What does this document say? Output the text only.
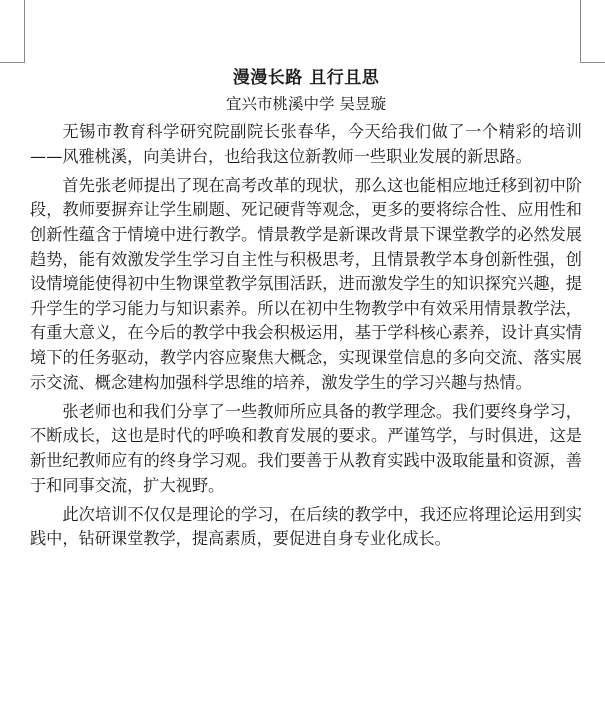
漫漫长路 且行且思
宜兴市桃溪中学 吴昱璇

无锡市教育科学研究院副院长张春华，今天给我们做了一个精彩的培训——风雅桃溪，向美讲台，也给我这位新教师一些职业发展的新思路。

首先张老师提出了现在高考改革的现状，那么这也能相应地迁移到初中阶段，教师要摒弃让学生刷题、死记硬背等观念，更多的要将综合性、应用性和创新性蕴含于情境中进行教学。情景教学是新课改背景下课堂教学的必然发展趋势，能有效激发学生学习自主性与积极思考，且情景教学本身创新性强，创设情境能使得初中生物课堂教学氛围活跃，进而激发学生的知识探究兴趣，提升学生的学习能力与知识素养。所以在初中生物教学中有效采用情景教学法，有重大意义，在今后的教学中我会积极运用，基于学科核心素养，设计真实情境下的任务驱动，教学内容应聚焦大概念，实现课堂信息的多向交流、落实展示交流、概念建构加强科学思维的培养，激发学生的学习兴趣与热情。

张老师也和我们分享了一些教师所应具备的教学理念。我们要终身学习，不断成长，这也是时代的呼唤和教育发展的要求。严谨笃学，与时俱进，这是新世纪教师应有的终身学习观。我们要善于从教育实践中汲取能量和资源，善于和同事交流，扩大视野。

此次培训不仅仅是理论的学习，在后续的教学中，我还应将理论运用到实践中，钻研课堂教学，提高素质，要促进自身专业化成长。
